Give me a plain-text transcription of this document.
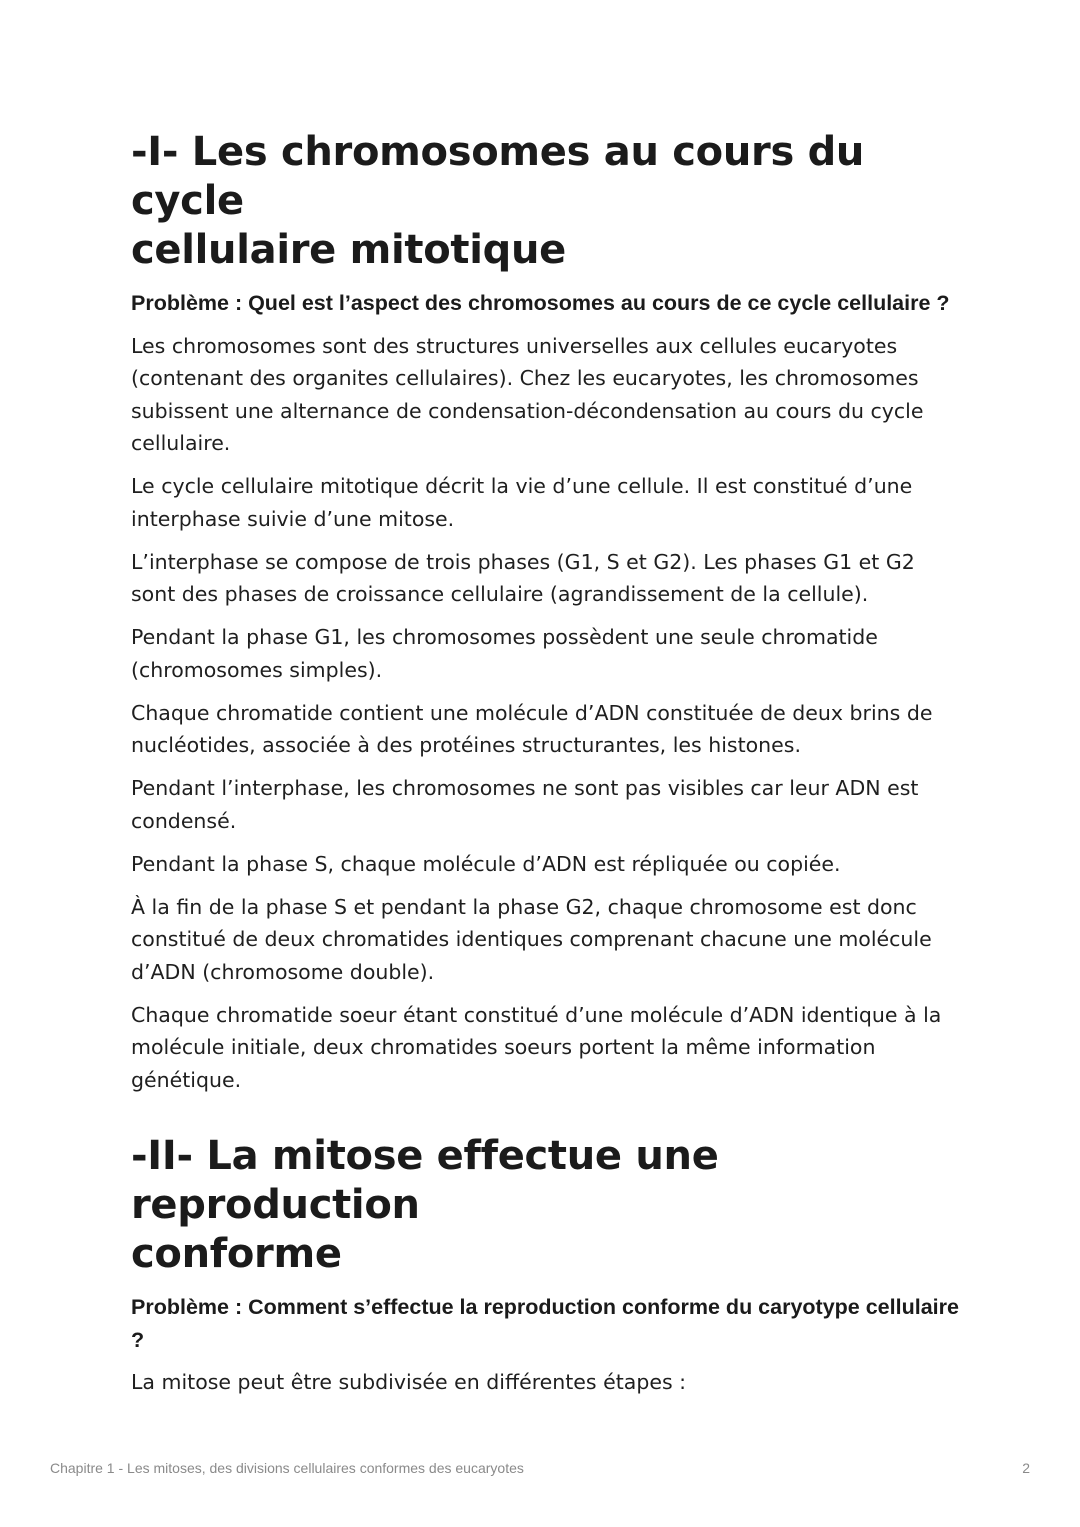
-I- Les chromosomes au cours du cycle
cellulaire mitotique

Problème : Quel est l’aspect des chromosomes au cours de ce cycle cellulaire ?

Les chromosomes sont des structures universelles aux cellules eucaryotes (contenant des organites cellulaires). Chez les eucaryotes, les chromosomes subissent une alternance de condensation-décondensation au cours du cycle cellulaire.

Le cycle cellulaire mitotique décrit la vie d’une cellule. Il est constitué d’une interphase suivie d’une mitose.

L’interphase se compose de trois phases (G1, S et G2). Les phases G1 et G2 sont des phases de croissance cellulaire (agrandissement de la cellule).

Pendant la phase G1, les chromosomes possèdent une seule chromatide (chromosomes simples).

Chaque chromatide contient une molécule d’ADN constituée de deux brins de nucléotides, associée à des protéines structurantes, les histones.

Pendant l’interphase, les chromosomes ne sont pas visibles car leur ADN est condensé.

Pendant la phase S, chaque molécule d’ADN est répliquée ou copiée.

À la fin de la phase S et pendant la phase G2, chaque chromosome est donc constitué de deux chromatides identiques comprenant chacune une molécule d’ADN (chromosome double).

Chaque chromatide soeur étant constitué d’une molécule d’ADN identique à la molécule initiale, deux chromatides soeurs portent la même information génétique.

-II- La mitose effectue une reproduction
conforme

Problème : Comment s’effectue la reproduction conforme du caryotype cellulaire ?

La mitose peut être subdivisée en différentes étapes :

Chapitre 1 - Les mitoses, des divisions cellulaires conformes des eucaryotes	2
